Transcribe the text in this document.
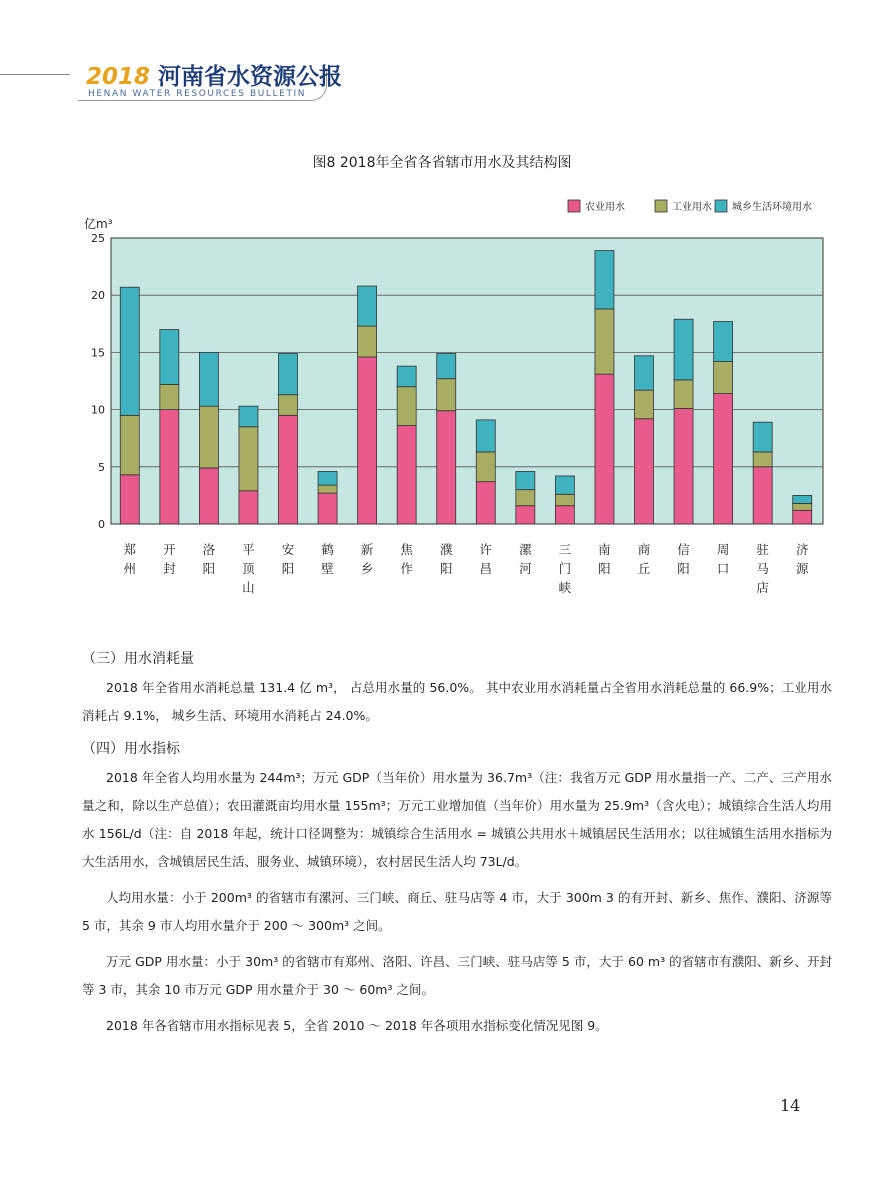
2018 河南省水资源公报
HENAN WATER RESOURCES BULLETIN
图8 2018年全省各省辖市用水及其结构图
0
5
10
15
20
25
亿m³
郑
州
开
封
洛
阳
平
顶
山
安
阳
鹤
壁
新
乡
焦
作
濮
阳
许
昌
漯
河
三
门
峡
南
阳
商
丘
信
阳
周
口
驻
马
店
济
源
农业用水	工业用水 城乡生活环境用水
（三）用水消耗量
2018 年全省用水消耗总量 131.4 亿 m³， 占总用水量的 56.0%。 其中农业用水消耗量占全省用水消耗总量的 66.9%；工业用水消耗占 9.1%， 城乡生活、环境用水消耗占 24.0%。
（四）用水指标
2018 年全省人均用水量为 244m³；万元 GDP（当年价）用水量为 36.7m³（注：我省万元 GDP 用水量指一产、二产、三产用水量之和，除以生产总值）；农田灌溉亩均用水量 155m³；万元工业增加值（当年价）用水量为 25.9m³（含火电）；城镇综合生活人均用水 156L/d（注：自 2018 年起，统计口径调整为：城镇综合生活用水 = 城镇公共用水＋城镇居民生活用水；以往城镇生活用水指标为大生活用水，含城镇居民生活、服务业、城镇环境），农村居民生活人均 73L/d。
人均用水量：小于 200m³ 的省辖市有漯河、三门峡、商丘、驻马店等 4 市，大于 300m 3 的有开封、新乡、焦作、濮阳、济源等 5 市，其余 9 市人均用水量介于 200 ～ 300m³ 之间。
万元 GDP 用水量：小于 30m³ 的省辖市有郑州、洛阳、许昌、三门峡、驻马店等 5 市，大于 60 m³ 的省辖市有濮阳、新乡、开封等 3 市，其余 10 市万元 GDP 用水量介于 30 ～ 60m³ 之间。
2018 年各省辖市用水指标见表 5，全省 2010 ～ 2018 年各项用水指标变化情况见图 9。
14
